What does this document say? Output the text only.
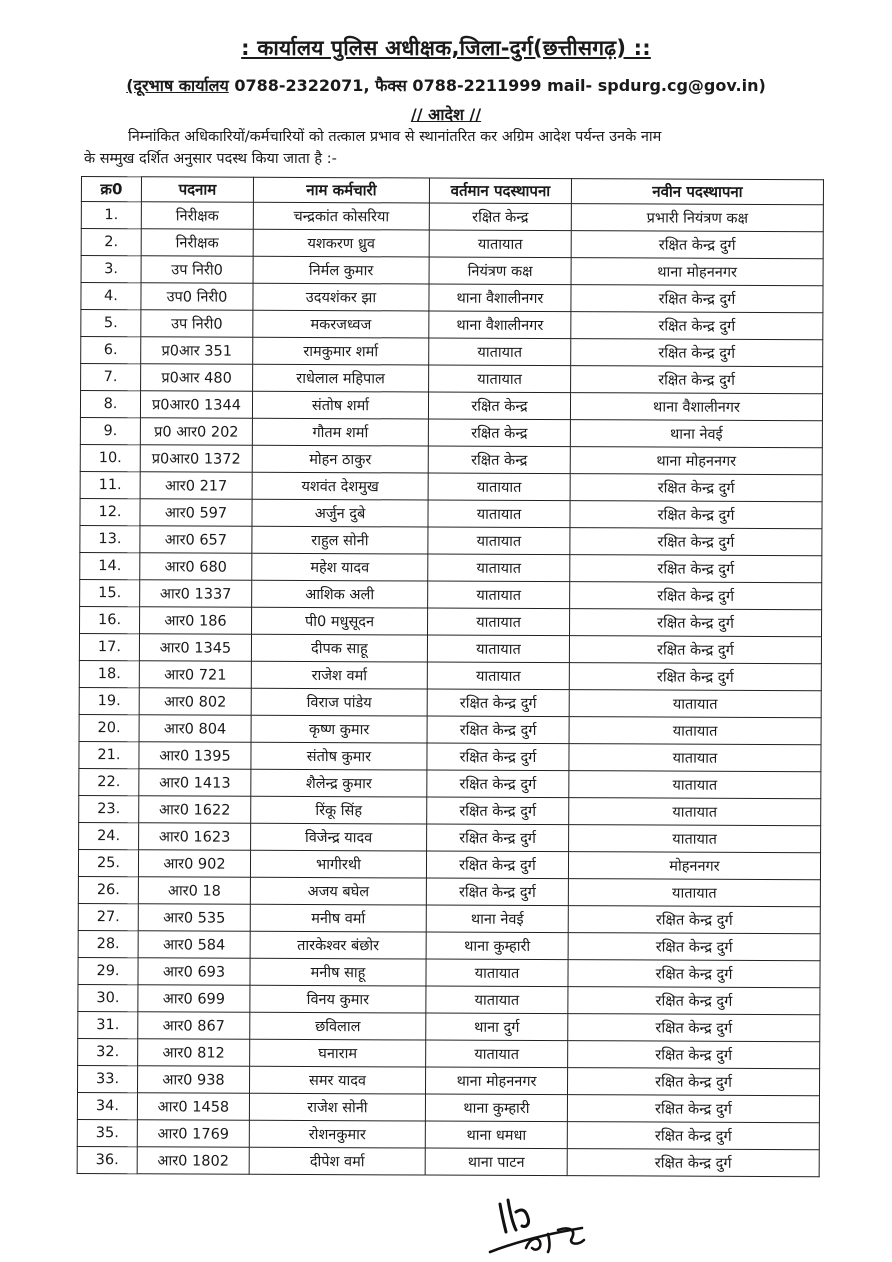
: कार्यालय पुलिस अधीक्षक,जिला-दुर्ग(छत्तीसगढ़) ::
(दूरभाष कार्यालय 0788-2322071, फैक्स 0788-2211999 mail- spdurg.cg@gov.in)
// आदेश //
निम्नांकित अधिकारियों/कर्मचारियों को तत्काल प्रभाव से स्थानांतरित कर अग्रिम आदेश पर्यन्त उनके नाम
के सम्मुख दर्शित अनुसार पदस्थ किया जाता है :-
क्र0	पदनाम	नाम कर्मचारी	वर्तमान पदस्थापना	नवीन पदस्थापना
1.	निरीक्षक	चन्द्रकांत कोसरिया	रक्षित केन्द्र	प्रभारी नियंत्रण कक्ष
2.	निरीक्षक	यशकरण ध्रुव	यातायात	रक्षित केन्द्र दुर्ग
3.	उप निरी0	निर्मल कुमार	नियंत्रण कक्ष	थाना मोहननगर
4.	उप0 निरी0	उदयशंकर झा	थाना वैशालीनगर	रक्षित केन्द्र दुर्ग
5.	उप निरी0	मकरजध्वज	थाना वैशालीनगर	रक्षित केन्द्र दुर्ग
6.	प्र0आर 351	रामकुमार शर्मा	यातायात	रक्षित केन्द्र दुर्ग
7.	प्र0आर 480	राधेलाल महिपाल	यातायात	रक्षित केन्द्र दुर्ग
8.	प्र0आर0 1344	संतोष शर्मा	रक्षित केन्द्र	थाना वैशालीनगर
9.	प्र0 आर0 202	गौतम शर्मा	रक्षित केन्द्र	थाना नेवई
10.	प्र0आर0 1372	मोहन ठाकुर	रक्षित केन्द्र	थाना मोहननगर
11.	आर0 217	यशवंत देशमुख	यातायात	रक्षित केन्द्र दुर्ग
12.	आर0 597	अर्जुन दुबे	यातायात	रक्षित केन्द्र दुर्ग
13.	आर0 657	राहुल सोनी	यातायात	रक्षित केन्द्र दुर्ग
14.	आर0 680	महेश यादव	यातायात	रक्षित केन्द्र दुर्ग
15.	आर0 1337	आशिक अली	यातायात	रक्षित केन्द्र दुर्ग
16.	आर0 186	पी0 मधुसूदन	यातायात	रक्षित केन्द्र दुर्ग
17.	आर0 1345	दीपक साहू	यातायात	रक्षित केन्द्र दुर्ग
18.	आर0 721	राजेश वर्मा	यातायात	रक्षित केन्द्र दुर्ग
19.	आर0 802	विराज पांडेय	रक्षित केन्द्र दुर्ग	यातायात
20.	आर0 804	कृष्ण कुमार	रक्षित केन्द्र दुर्ग	यातायात
21.	आर0 1395	संतोष कुमार	रक्षित केन्द्र दुर्ग	यातायात
22.	आर0 1413	शैलेन्द्र कुमार	रक्षित केन्द्र दुर्ग	यातायात
23.	आर0 1622	रिंकू सिंह	रक्षित केन्द्र दुर्ग	यातायात
24.	आर0 1623	विजेन्द्र यादव	रक्षित केन्द्र दुर्ग	यातायात
25.	आर0 902	भागीरथी	रक्षित केन्द्र दुर्ग	मोहननगर
26.	आर0 18	अजय बघेल	रक्षित केन्द्र दुर्ग	यातायात
27.	आर0 535	मनीष वर्मा	थाना नेवई	रक्षित केन्द्र दुर्ग
28.	आर0 584	तारकेश्वर बंछोर	थाना कुम्हारी	रक्षित केन्द्र दुर्ग
29.	आर0 693	मनीष साहू	यातायात	रक्षित केन्द्र दुर्ग
30.	आर0 699	विनय कुमार	यातायात	रक्षित केन्द्र दुर्ग
31.	आर0 867	छविलाल	थाना दुर्ग	रक्षित केन्द्र दुर्ग
32.	आर0 812	घनाराम	यातायात	रक्षित केन्द्र दुर्ग
33.	आर0 938	समर यादव	थाना मोहननगर	रक्षित केन्द्र दुर्ग
34.	आर0 1458	राजेश सोनी	थाना कुम्हारी	रक्षित केन्द्र दुर्ग
35.	आर0 1769	रोशनकुमार	थाना धमधा	रक्षित केन्द्र दुर्ग
36.	आर0 1802	दीपेश वर्मा	थाना पाटन	रक्षित केन्द्र दुर्ग
